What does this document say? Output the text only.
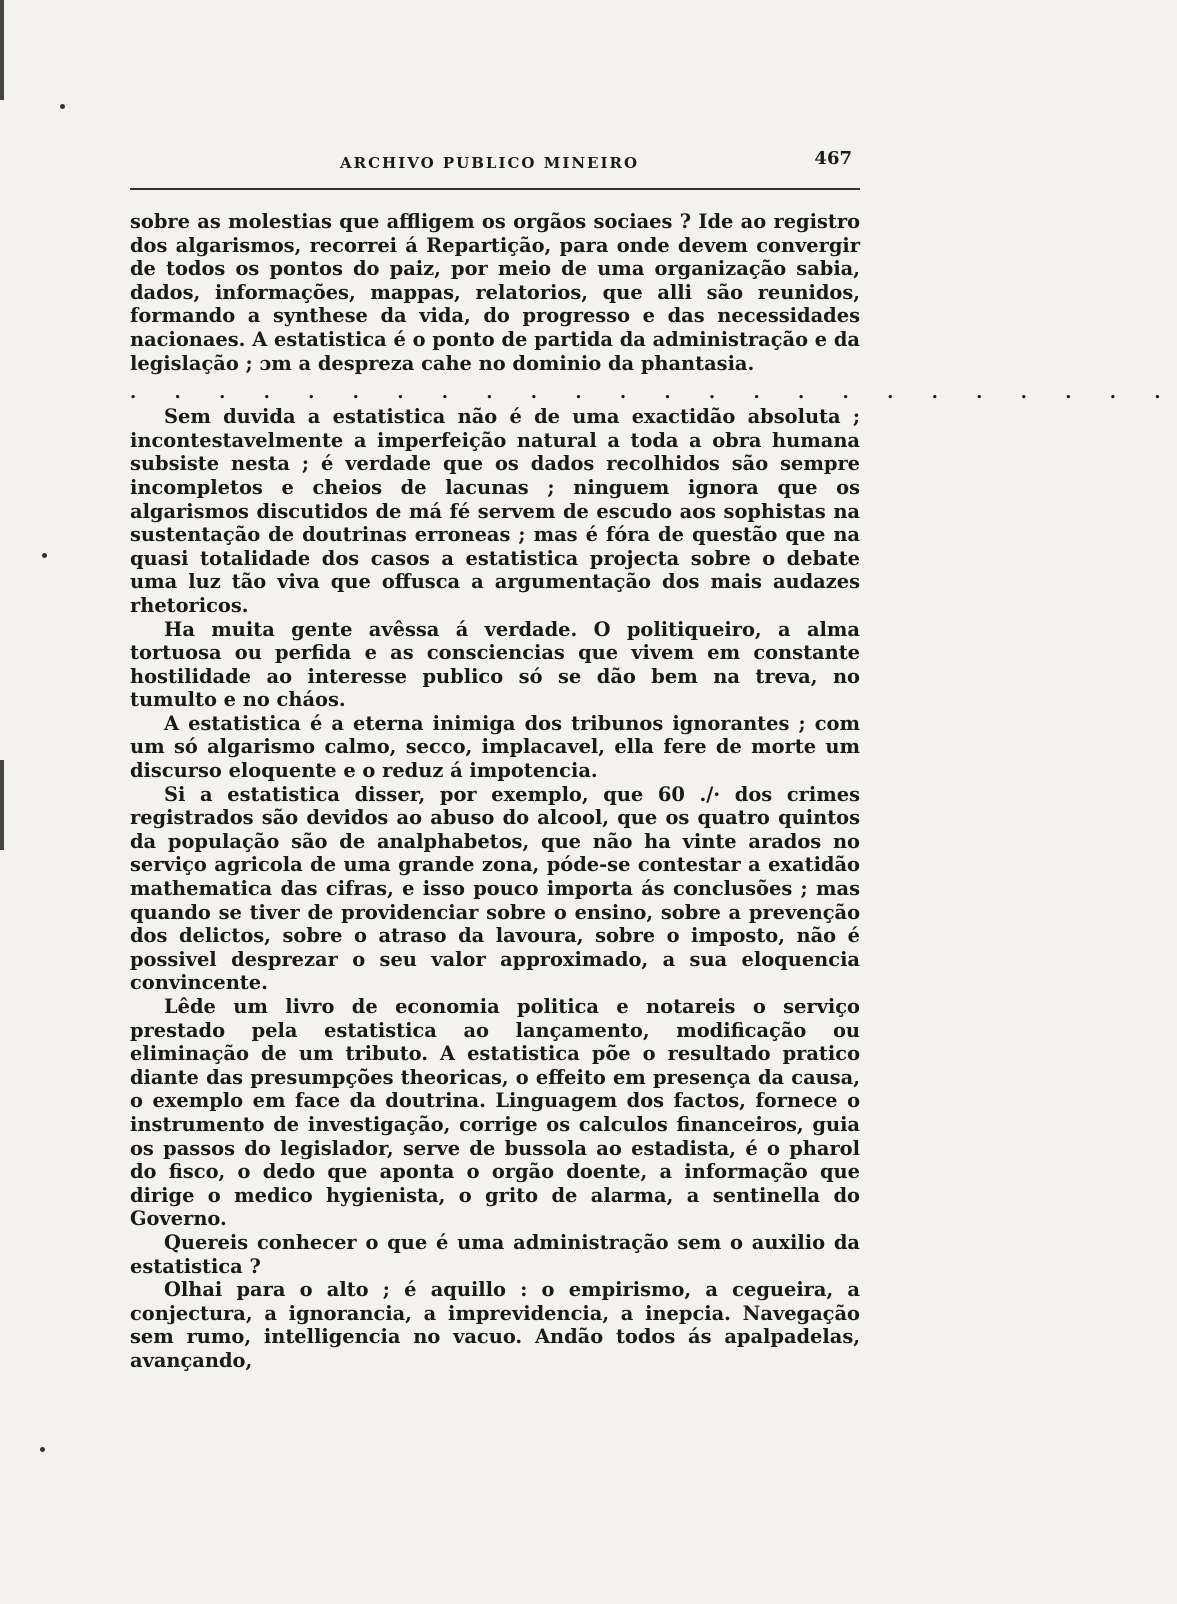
ARCHIVO PUBLICO MINEIRO	467

sobre as molestias que affligem os orgãos sociaes ? Ide ao registro dos algarismos, recorrei á Repartição, para onde devem convergir de todos os pontos do paiz, por meio de uma organização sabia, dados, informações, mappas, relatorios, que alli são reunidos, formando a synthese da vida, do progresso e das necessidades nacionaes. A estatistica é o ponto de partida da administração e da legislação ; ɔm a despreza cahe no dominio da phantasia.

. . . . . . . . . . . . . . . . . . . . . . . .

Sem duvida a estatistica não é de uma exactidão absoluta ; incontestavelmente a imperfeição natural a toda a obra humana subsiste nesta ; é verdade que os dados recolhidos são sempre incompletos e cheios de lacunas ; ninguem ignora que os algarismos discutidos de má fé servem de escudo aos sophistas na sustentação de doutrinas erroneas ; mas é fóra de questão que na quasi totalidade dos casos a estatistica projecta sobre o debate uma luz tão viva que offusca a argumentação dos mais audazes rhetoricos.

Ha muita gente avêssa á verdade. O politiqueiro, a alma tortuosa ou perfida e as consciencias que vivem em constante hostilidade ao interesse publico só se dão bem na treva, no tumulto e no cháos.

A estatistica é a eterna inimiga dos tribunos ignorantes ; com um só algarismo calmo, secco, implacavel, ella fere de morte um discurso eloquente e o reduz á impotencia.

Si a estatistica disser, por exemplo, que 60 ./· dos crimes registrados são devidos ao abuso do alcool, que os quatro quintos da população são de analphabetos, que não ha vinte arados no serviço agricola de uma grande zona, póde-se contestar a exatidão mathematica das cifras, e isso pouco importa ás conclusões ; mas quando se tiver de providenciar sobre o ensino, sobre a prevenção dos delictos, sobre o atraso da lavoura, sobre o imposto, não é possivel desprezar o seu valor approximado, a sua eloquencia convincente.

Lêde um livro de economia politica e notareis o serviço prestado pela estatistica ao lançamento, modificação ou eliminação de um tributo. A estatistica põe o resultado pratico diante das presumpções theoricas, o effeito em presença da causa, o exemplo em face da doutrina. Linguagem dos factos, fornece o instrumento de investigação, corrige os calculos financeiros, guia os passos do legislador, serve de bussola ao estadista, é o pharol do fisco, o dedo que aponta o orgão doente, a informação que dirige o medico hygienista, o grito de alarma, a sentinella do Governo.

Quereis conhecer o que é uma administração sem o auxilio da estatistica ?

Olhai para o alto ; é aquillo : o empirismo, a cegueira, a conjectura, a ignorancia, a imprevidencia, a inepcia. Navegação sem rumo, intelligencia no vacuo. Andão todos ás apalpadelas, avançando,
